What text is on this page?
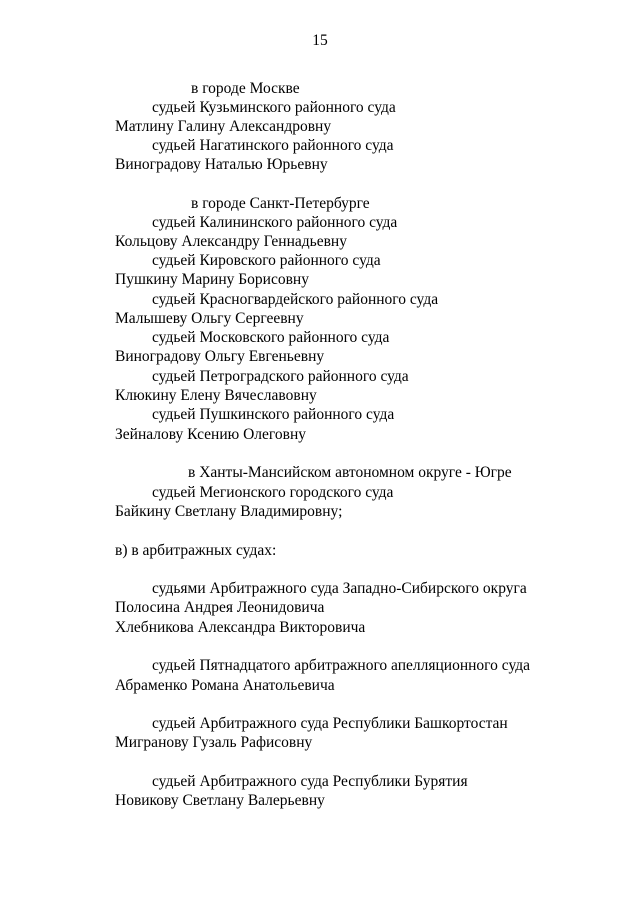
15
в городе Москве
судьей Кузьминского районного суда
Матлину Галину Александровну
судьей Нагатинского районного суда
Виноградову Наталью Юрьевну
в городе Санкт-Петербурге
судьей Калининского районного суда
Кольцову Александру Геннадьевну
судьей Кировского районного суда
Пушкину Марину Борисовну
судьей Красногвардейского районного суда
Малышеву Ольгу Сергеевну
судьей Московского районного суда
Виноградову Ольгу Евгеньевну
судьей Петроградского районного суда
Клюкину Елену Вячеславовну
судьей Пушкинского районного суда
Зейналову Ксению Олеговну
в Ханты-Мансийском автономном округе - Югре
судьей Мегионского городского суда
Байкину Светлану Владимировну;
в) в арбитражных судах:
судьями Арбитражного суда Западно-Сибирского округа
Полосина Андрея Леонидовича
Хлебникова Александра Викторовича
судьей Пятнадцатого арбитражного апелляционного суда
Абраменко Романа Анатольевича
судьей Арбитражного суда Республики Башкортостан
Мигранову Гузаль Рафисовну
судьей Арбитражного суда Республики Бурятия
Новикову Светлану Валерьевну
